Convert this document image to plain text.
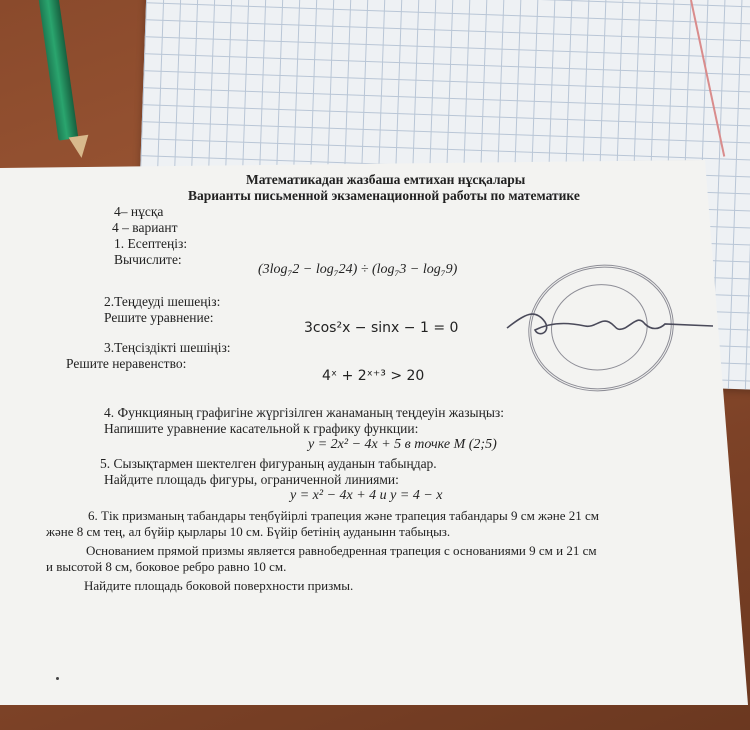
Математикадан жазбаша емтихан нұсқалары
Варианты письменной экзаменационной работы по математике
4– нұсқа
4 – вариант
1. Есептеңіз:
Вычислите:
(3log₇2 − log₇24) ÷ (log₇3 − log₇9)
2.Теңдеуді шешеңіз:
Решите уравнение:
3cos²x − sinx − 1 = 0
3.Теңсіздікті шешіңіз:
Решите неравенство:
4ˣ + 2ˣ⁺³ > 20
4. Функцияның графигіне жүргізілген жанаманың теңдеуін жазыңыз:
Напишите уравнение касательной к графику функции:
y = 2x² − 4x + 5 в точке M (2;5)
5. Сызықтармен шектелген фигураның ауданын табыңдар.
Найдите площадь фигуры, ограниченной линиями:
y = x² − 4x + 4 и y = 4 − x
6. Тік призманың табандары теңбүйірлі трапеция және трапеция табандары 9 см және 21 см
және 8 см тең, ал бүйір қырлары 10 см. Бүйір бетінің ауданынн табыңыз.
Основанием прямой призмы является равнобедренная трапеция с основаниями 9 см и 21 см
и высотой 8 см, боковое ребро равно 10 см.
Найдите площадь боковой поверхности призмы.
